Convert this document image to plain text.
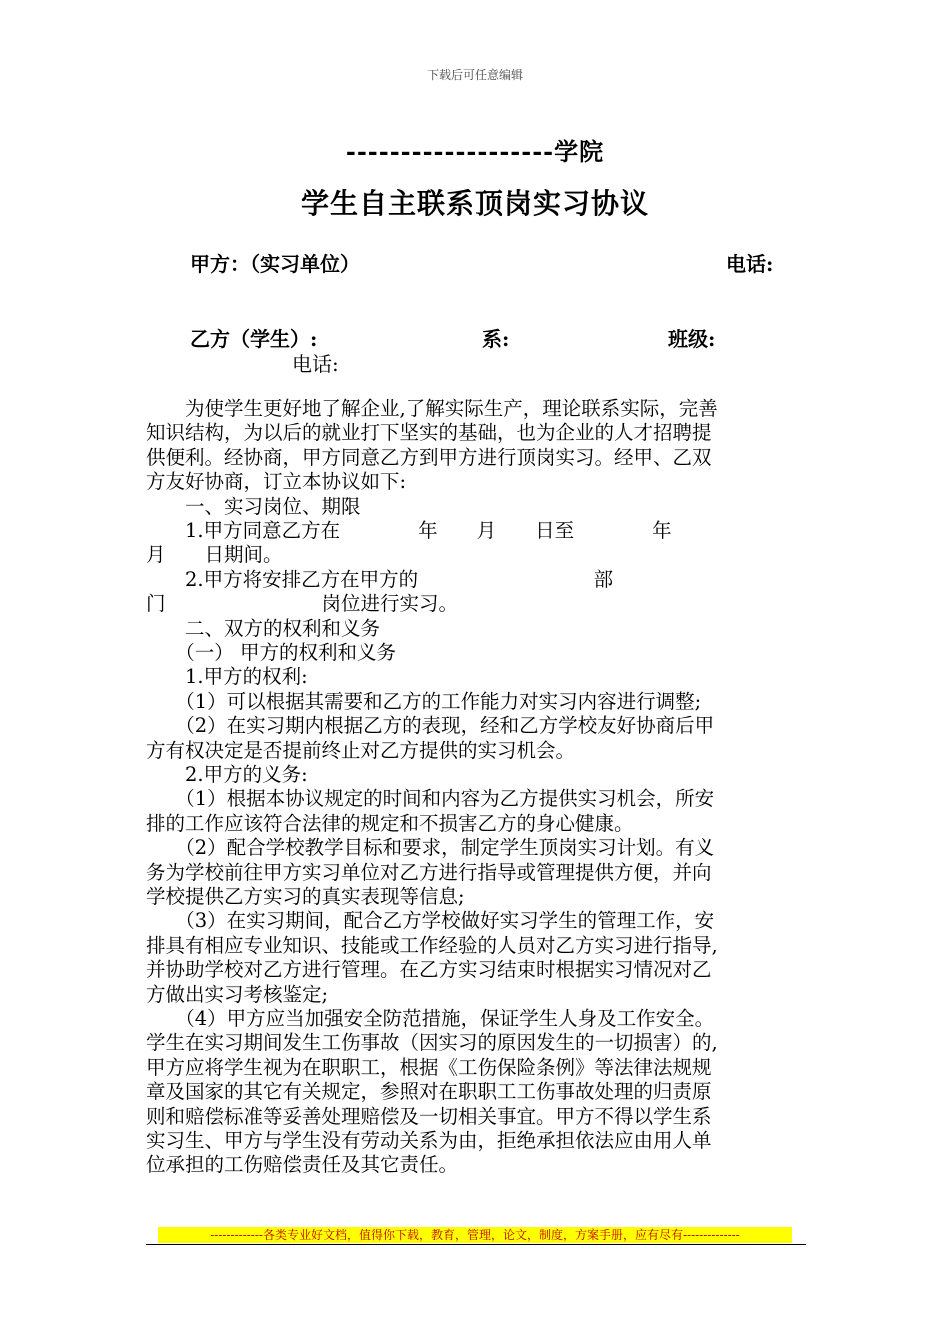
下载后可任意编辑
-------------------学院
学生自主联系顶岗实习协议
甲方：（实习单位）	电话:
乙方（学生）:	系:	班级:
电话:
　　为使学生更好地了解企业,了解实际生产，理论联系实际，完善
知识结构，为以后的就业打下坚实的基础，也为企业的人才招聘提
供便利。经协商，甲方同意乙方到甲方进行顶岗实习。经甲、乙双
方友好协商，订立本协议如下:
　　一、实习岗位、期限
　　1.甲方同意乙方在　　　　年　　月　　日至　　　　年
月　　日期间。
　　2.甲方将安排乙方在甲方的　　　　　　　　　部
门　　　　　　　　岗位进行实习。
　　二、双方的权利和义务
　　（一） 甲方的权利和义务
　　1.甲方的权利:
　　（1）可以根据其需要和乙方的工作能力对实习内容进行调整;
　　（2）在实习期内根据乙方的表现，经和乙方学校友好协商后甲
方有权决定是否提前终止对乙方提供的实习机会。
　　2.甲方的义务:
　　（1）根据本协议规定的时间和内容为乙方提供实习机会，所安
排的工作应该符合法律的规定和不损害乙方的身心健康。
　　（2）配合学校教学目标和要求，制定学生顶岗实习计划。有义
务为学校前往甲方实习单位对乙方进行指导或管理提供方便，并向
学校提供乙方实习的真实表现等信息;
　　（3）在实习期间，配合乙方学校做好实习学生的管理工作，安
排具有相应专业知识、技能或工作经验的人员对乙方实习进行指导,
并协助学校对乙方进行管理。在乙方实习结束时根据实习情况对乙
方做出实习考核鉴定;
　　（4）甲方应当加强安全防范措施，保证学生人身及工作安全。
学生在实习期间发生工伤事故（因实习的原因发生的一切损害）的,
甲方应将学生视为在职职工，根据《工伤保险条例》等法律法规规
章及国家的其它有关规定，参照对在职职工工伤事故处理的归责原
则和赔偿标准等妥善处理赔偿及一切相关事宜。甲方不得以学生系
实习生、甲方与学生没有劳动关系为由，拒绝承担依法应由用人单
位承担的工伤赔偿责任及其它责任。
-------------各类专业好文档，值得你下载，教育，管理，论文，制度，方案手册，应有尽有--------------
